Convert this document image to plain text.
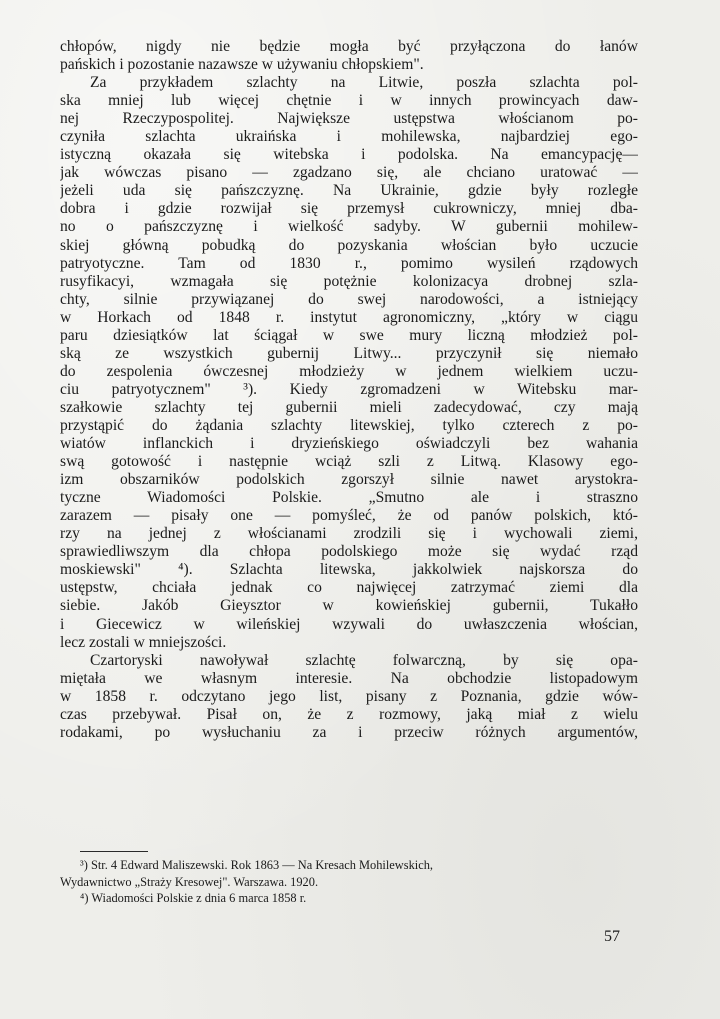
chłopów, nigdy nie będzie mogła być przyłączona do łanów
pańskich i pozostanie nazawsze w używaniu chłopskiem".
Za przykładem szlachty na Litwie, poszła szlachta pol-
ska mniej lub więcej chętnie i w innych prowincyach daw-
nej Rzeczypospolitej. Największe ustępstwa włościanom po-
czyniła szlachta ukraińska i mohilewska, najbardziej ego-
istyczną okazała się witebska i podolska. Na emancypację—
jak wówczas pisano — zgadzano się, ale chciano uratować —
jeżeli uda się pańszczyznę. Na Ukrainie, gdzie były rozległe
dobra i gdzie rozwijał się przemysł cukrowniczy, mniej dba-
no o pańszczyznę i wielkość sadyby. W gubernii mohilew-
skiej główną pobudką do pozyskania włościan było uczucie
patryotyczne. Tam od 1830 r., pomimo wysileń rządowych
rusyfikacyi, wzmagała się potężnie kolonizacya drobnej szla-
chty, silnie przywiązanej do swej narodowości, a istniejący
w Horkach od 1848 r. instytut agronomiczny, „który w ciągu
paru dziesiątków lat ściągał w swe mury liczną młodzież pol-
ską ze wszystkich gubernij Litwy... przyczynił się niemało
do zespolenia ówczesnej młodzieży w jednem wielkiem uczu-
ciu patryotycznem" ³). Kiedy zgromadzeni w Witebsku mar-
szałkowie szlachty tej gubernii mieli zadecydować, czy mają
przystąpić do żądania szlachty litewskiej, tylko czterech z po-
wiatów inflanckich i dryzieńskiego oświadczyli bez wahania
swą gotowość i następnie wciąż szli z Litwą. Klasowy ego-
izm obszarników podolskich zgorszył silnie nawet arystokra-
tyczne Wiadomości Polskie. „Smutno ale i straszno
zarazem — pisały one — pomyśleć, że od panów polskich, któ-
rzy na jednej z włościanami zrodzili się i wychowali ziemi,
sprawiedliwszym dla chłopa podolskiego może się wydać rząd
moskiewski" ⁴). Szlachta litewska, jakkolwiek najskorsza do
ustępstw, chciała jednak co najwięcej zatrzymać ziemi dla
siebie. Jakób Gieysztor w kowieńskiej gubernii, Tukałło
i Giecewicz w wileńskiej wzywali do uwłaszczenia włościan,
lecz zostali w mniejszości.
Czartoryski nawoływał szlachtę folwarczną, by się opa-
miętała we własnym interesie. Na obchodzie listopadowym
w 1858 r. odczytano jego list, pisany z Poznania, gdzie wów-
czas przebywał. Pisał on, że z rozmowy, jaką miał z wielu
rodakami, po wysłuchaniu za i przeciw różnych argumentów,
³) Str. 4 Edward Maliszewski. Rok 1863 — Na Kresach Mohilewskich,
Wydawnictwo „Straży Kresowej". Warszawa. 1920.
⁴) Wiadomości Polskie z dnia 6 marca 1858 r.
57
